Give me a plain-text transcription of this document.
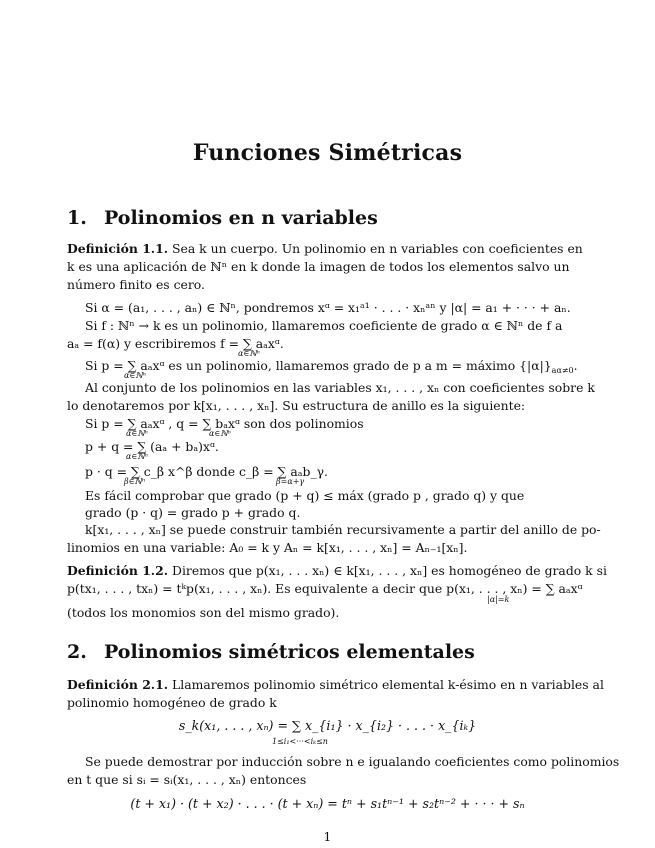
Funciones Simétricas
1. Polinomios en n variables
Definición 1.1. Sea k un cuerpo. Un polinomio en n variables con coeficientes en
k es una aplicación de ℕⁿ en k donde la imagen de todos los elementos salvo un
número finito es cero.
Si α = (a₁, . . . , aₙ) ∈ ℕⁿ, pondremos xᵅ = x₁ᵃ¹ · . . . · xₙᵃⁿ y |α| = a₁ + · · · + aₙ.
Si f : ℕⁿ → k es un polinomio, llamaremos coeficiente de grado α ∈ ℕⁿ de f a
aₐ = f(α) y escribiremos f = ∑ aₐxᵅ.
α∈ℕⁿ
Si p = ∑ aₐxᵅ es un polinomio, llamaremos grado de p a m = máximo $\{|\alpha|\}_{a\alpha\ne 0}$.
α∈ℕⁿ
Al conjunto de los polinomios en las variables x₁, . . . , xₙ con coeficientes sobre k
lo denotaremos por k[x₁, . . . , xₙ]. Su estructura de anillo es la siguiente:
Si p = ∑ aₐxᵅ , q = ∑ bₐxᵅ son dos polinomios
α∈ℕⁿ	α∈ℕⁿ
p + q = ∑ (aₐ + bₐ)xᵅ.
α∈ℕⁿ
p · q = ∑ c_β x^β donde c_β = ∑ aₐb_γ.
β∈ℕⁿ	β=α+γ
Es fácil comprobar que grado (p + q) ≤ máx (grado p , grado q) y que
grado (p · q) = grado p + grado q.
k[x₁, . . . , xₙ] se puede construir también recursivamente a partir del anillo de po-
linomios en una variable: A₀ = k y Aₙ = k[x₁, . . . , xₙ] = Aₙ₋₁[xₙ].
Definición 1.2. Diremos que p(x₁, . . . xₙ) ∈ k[x₁, . . . , xₙ] es homogéneo de grado k si
p(tx₁, . . . , txₙ) = tᵏp(x₁, . . . , xₙ). Es equivalente a decir que p(x₁, . . . , xₙ) = ∑ aₐxᵅ
|α|=k
(todos los monomios son del mismo grado).
2. Polinomios simétricos elementales
Definición 2.1. Llamaremos polinomio simétrico elemental k-ésimo en n variables al
polinomio homogéneo de grado k
s_k(x₁, . . . , xₙ) = ∑ x_{i₁} · x_{i₂} · . . . · x_{iₖ}
1≤i₁<···<iₖ≤n
Se puede demostrar por inducción sobre n e igualando coeficientes como polinomios
en t que si sᵢ = sᵢ(x₁, . . . , xₙ) entonces
(t + x₁) · (t + x₂) · . . . · (t + xₙ) = tⁿ + s₁tⁿ⁻¹ + s₂tⁿ⁻² + · · · + sₙ
1
